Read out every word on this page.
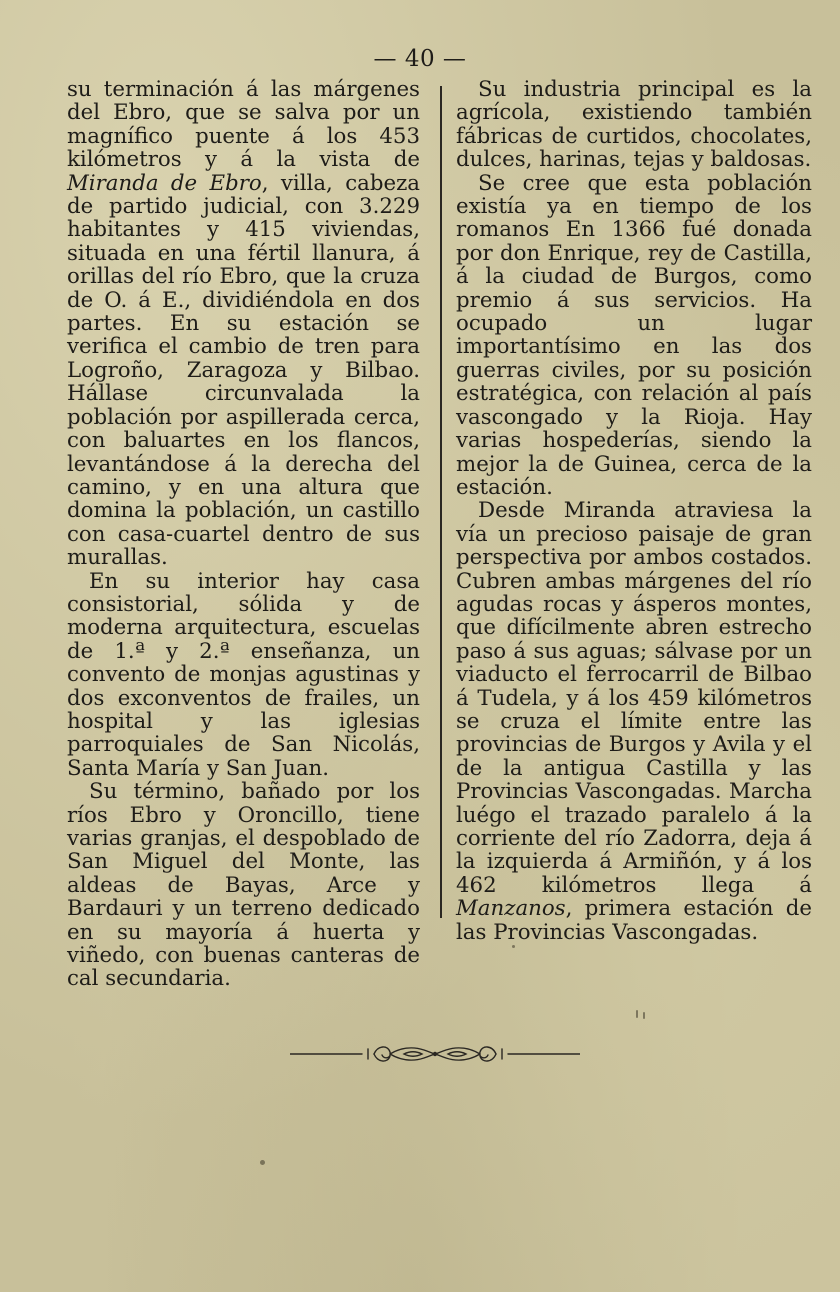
— 40 —

su terminación á las márgenes del Ebro, que se salva por un magnífico puente á los 453 kilómetros y á la vista de Miranda de Ebro, villa, cabeza de partido judicial, con 3.229 habitantes y 415 viviendas, situada en una fértil llanura, á orillas del río Ebro, que la cruza de O. á E., dividiéndola en dos partes. En su estación se verifica el cambio de tren para Logroño, Zaragoza y Bilbao. Hállase circunvalada la población por aspillerada cerca, con baluartes en los flancos, levantándose á la derecha del camino, y en una altura que domina la población, un castillo con casa-cuartel dentro de sus murallas.

En su interior hay casa consistorial, sólida y de moderna arquitectura, escuelas de 1.ª y 2.ª enseñanza, un convento de monjas agustinas y dos exconventos de frailes, un hospital y las iglesias parroquiales de San Nicolás, Santa María y San Juan.

Su término, bañado por los ríos Ebro y Oroncillo, tiene varias granjas, el despoblado de San Miguel del Monte, las aldeas de Bayas, Arce y Bardauri y un terreno dedicado en su mayoría á huerta y viñedo, con buenas canteras de cal secundaria.

Su industria principal es la agrícola, existiendo también fábricas de curtidos, chocolates, dulces, harinas, tejas y baldosas.

Se cree que esta población existía ya en tiempo de los romanos En 1366 fué donada por don Enrique, rey de Castilla, á la ciudad de Burgos, como premio á sus servicios. Ha ocupado un lugar importantísimo en las dos guerras civiles, por su posición estratégica, con relación al país vascongado y la Rioja. Hay varias hospederías, siendo la mejor la de Guinea, cerca de la estación.

Desde Miranda atraviesa la vía un precioso paisaje de gran perspectiva por ambos costados. Cubren ambas márgenes del río agudas rocas y ásperos montes, que difícilmente abren estrecho paso á sus aguas; sálvase por un viaducto el ferrocarril de Bilbao á Tudela, y á los 459 kilómetros se cruza el límite entre las provincias de Burgos y Avila y el de la antigua Castilla y las Provincias Vascongadas. Marcha luégo el trazado paralelo á la corriente del río Zadorra, deja á la izquierda á Armiñón, y á los 462 kilómetros llega á Manzanos, primera estación de las Provincias Vascongadas.
